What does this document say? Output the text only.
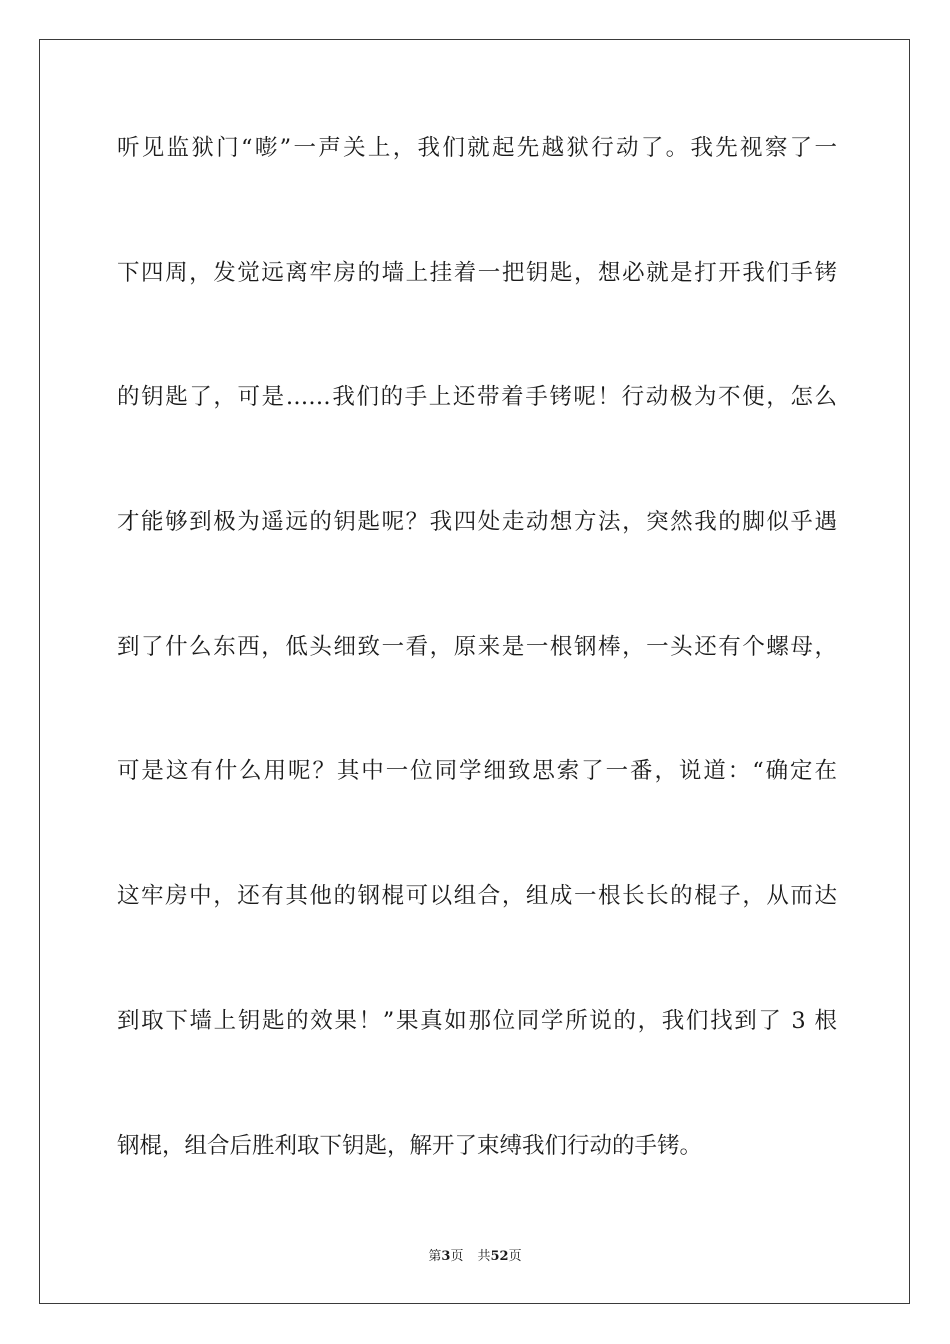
听见监狱门“嘭”一声关上，我们就起先越狱行动了。我先视察了一
下四周，发觉远离牢房的墙上挂着一把钥匙，想必就是打开我们手铐
的钥匙了，可是……我们的手上还带着手铐呢！行动极为不便，怎么
才能够到极为遥远的钥匙呢？我四处走动想方法，突然我的脚似乎遇
到了什么东西，低头细致一看，原来是一根钢棒，一头还有个螺母，
可是这有什么用呢？其中一位同学细致思索了一番，说道：“确定在
这牢房中，还有其他的钢棍可以组合，组成一根长长的棍子，从而达
到取下墙上钥匙的效果！”果真如那位同学所说的，我们找到了 3 根
钢棍，组合后胜利取下钥匙，解开了束缚我们行动的手铐。
第3页 共52页
